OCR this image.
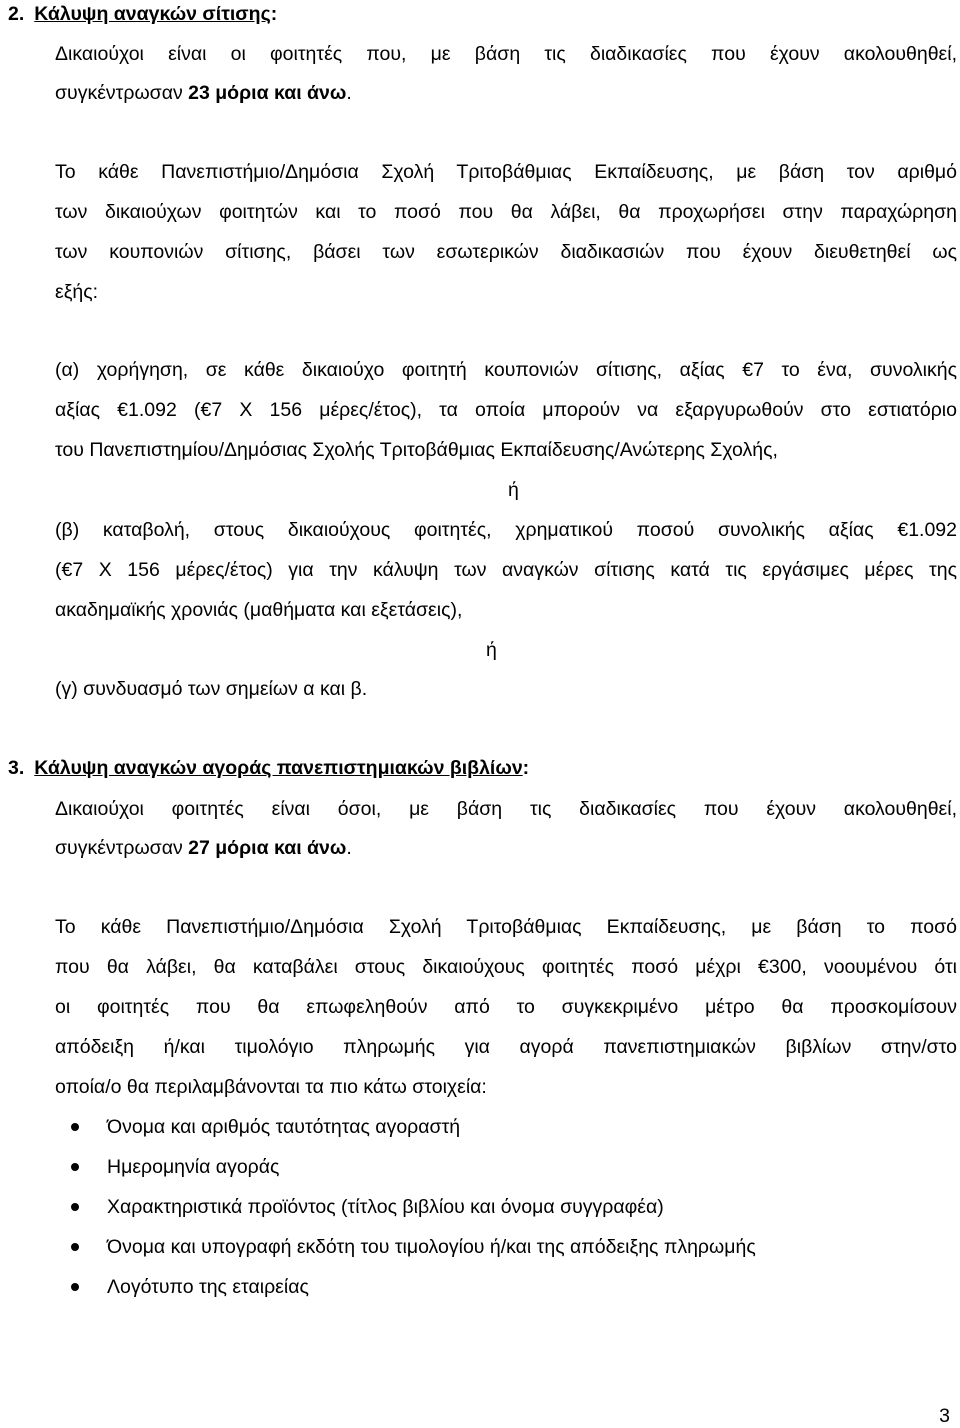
2. Κάλυψη αναγκών σίτισης:

Δικαιούχοι είναι οι φοιτητές που, με βάση τις διαδικασίες που έχουν ακολουθηθεί,

συγκέντρωσαν 23 μόρια και άνω.

Το κάθε Πανεπιστήμιο/Δημόσια Σχολή Τριτοβάθμιας Εκπαίδευσης, με βάση τον αριθμό

των δικαιούχων φοιτητών και το ποσό που θα λάβει, θα προχωρήσει στην παραχώρηση

των κουπονιών σίτισης, βάσει των εσωτερικών διαδικασιών που έχουν διευθετηθεί ως

εξής:

(α) χορήγηση, σε κάθε δικαιούχο φοιτητή κουπονιών σίτισης, αξίας €7 το ένα, συνολικής

αξίας €1.092 (€7 Χ 156 μέρες/έτος), τα οποία μπορούν να εξαργυρωθούν στο εστιατόριο

του Πανεπιστημίου/Δημόσιας Σχολής Τριτοβάθμιας Εκπαίδευσης/Ανώτερης Σχολής,

ή

(β) καταβολή, στους δικαιούχους φοιτητές, χρηματικού ποσού συνολικής αξίας €1.092

(€7 Χ 156 μέρες/έτος) για την κάλυψη των αναγκών σίτισης κατά τις εργάσιμες μέρες της

ακαδημαϊκής χρονιάς (μαθήματα και εξετάσεις),

ή

(γ) συνδυασμό των σημείων α και β.

3. Κάλυψη αναγκών αγοράς πανεπιστημιακών βιβλίων:

Δικαιούχοι φοιτητές είναι όσοι, με βάση τις διαδικασίες που έχουν ακολουθηθεί,

συγκέντρωσαν 27 μόρια και άνω.

Το κάθε Πανεπιστήμιο/Δημόσια Σχολή Τριτοβάθμιας Εκπαίδευσης, με βάση το ποσό

που θα λάβει, θα καταβάλει στους δικαιούχους φοιτητές ποσό μέχρι €300, νοουμένου ότι

οι φοιτητές που θα επωφεληθούν από το συγκεκριμένο μέτρο θα προσκομίσουν

απόδειξη ή/και τιμολόγιο πληρωμής για αγορά πανεπιστημιακών βιβλίων στην/στο

οποία/ο θα περιλαμβάνονται τα πιο κάτω στοιχεία:

Όνομα και αριθμός ταυτότητας αγοραστή

Ημερομηνία αγοράς

Χαρακτηριστικά προϊόντος (τίτλος βιβλίου και όνομα συγγραφέα)

Όνομα και υπογραφή εκδότη του τιμολογίου ή/και της απόδειξης πληρωμής

Λογότυπο της εταιρείας

3
